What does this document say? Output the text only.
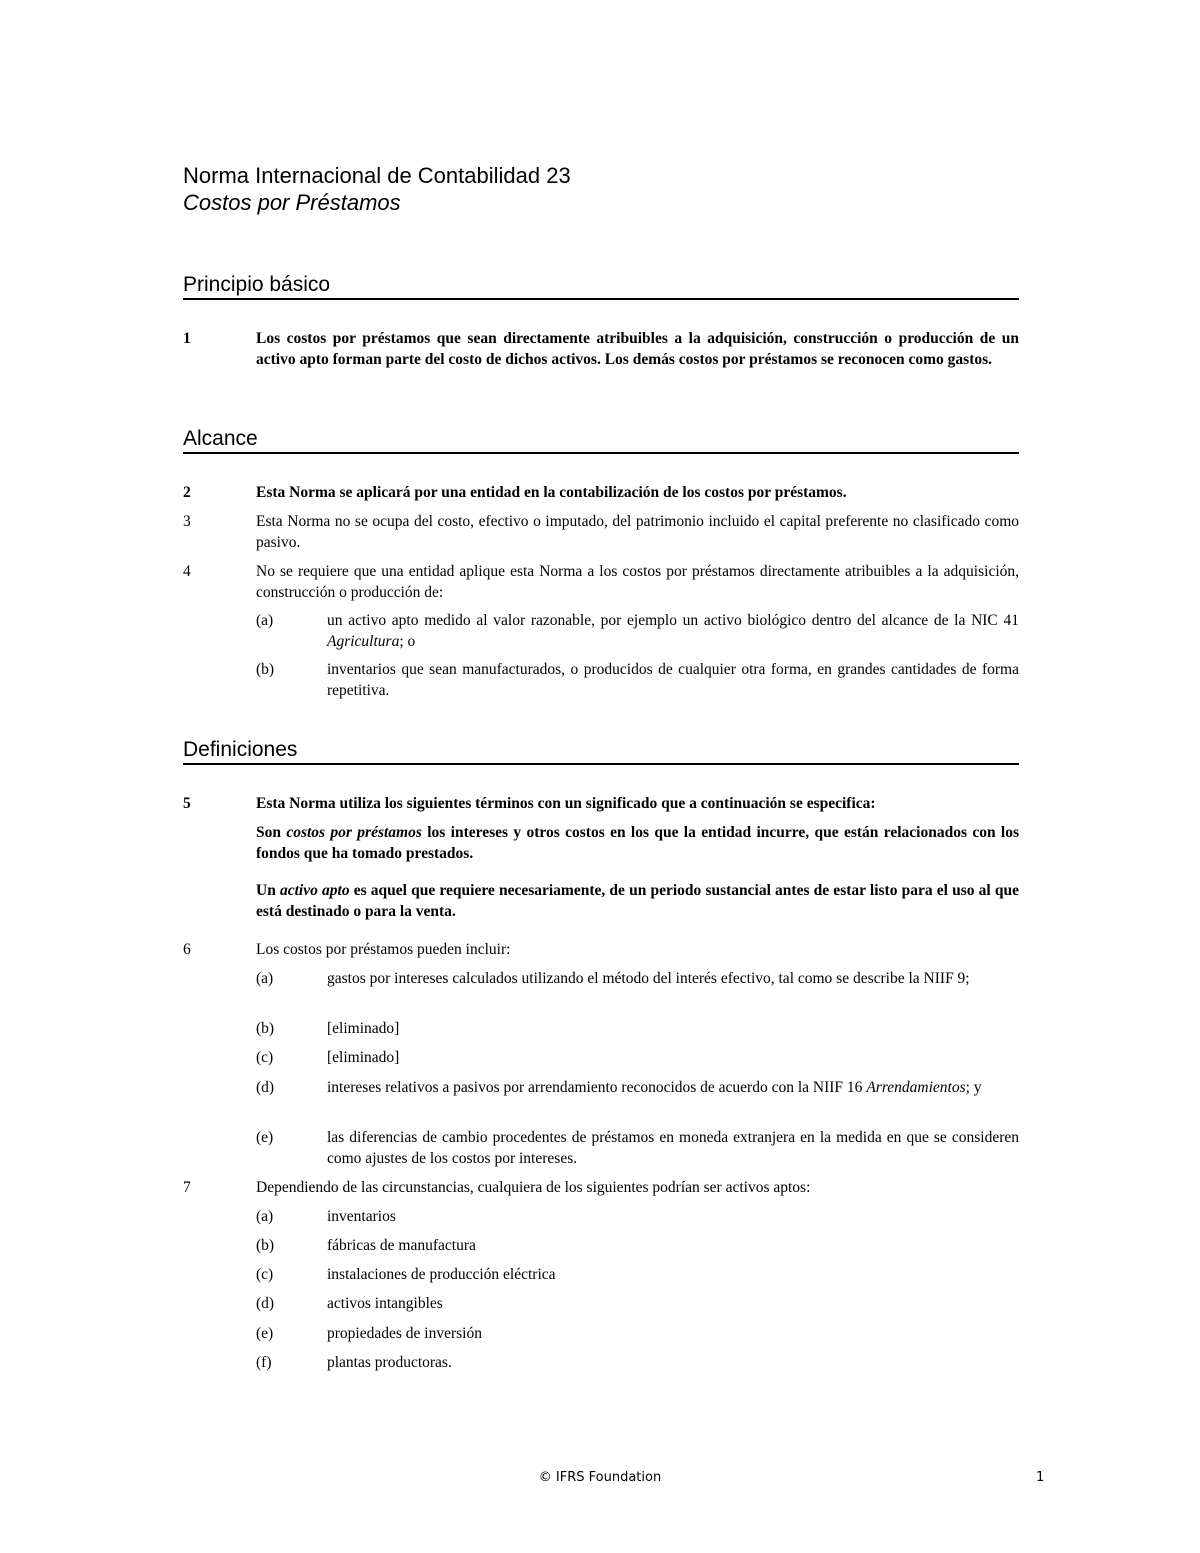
Norma Internacional de Contabilidad 23
Costos por Préstamos
Principio básico
1	Los costos por préstamos que sean directamente atribuibles a la adquisición, construcción o producción de un activo apto forman parte del costo de dichos activos. Los demás costos por préstamos se reconocen como gastos.
Alcance
2	Esta Norma se aplicará por una entidad en la contabilización de los costos por préstamos.
3	Esta Norma no se ocupa del costo, efectivo o imputado, del patrimonio incluido el capital preferente no clasificado como pasivo.
4	No se requiere que una entidad aplique esta Norma a los costos por préstamos directamente atribuibles a la adquisición, construcción o producción de:
(a)	un activo apto medido al valor razonable, por ejemplo un activo biológico dentro del alcance de la NIC 41 Agricultura; o
(b)	inventarios que sean manufacturados, o producidos de cualquier otra forma, en grandes cantidades de forma repetitiva.
Definiciones
5	Esta Norma utiliza los siguientes términos con un significado que a continuación se especifica:
Son costos por préstamos los intereses y otros costos en los que la entidad incurre, que están relacionados con los fondos que ha tomado prestados.
Un activo apto es aquel que requiere necesariamente, de un periodo sustancial antes de estar listo para el uso al que está destinado o para la venta.
6	Los costos por préstamos pueden incluir:
(a)	gastos por intereses calculados utilizando el método del interés efectivo, tal como se describe la NIIF 9;
(b)	[eliminado]
(c)	[eliminado]
(d)	intereses relativos a pasivos por arrendamiento reconocidos de acuerdo con la NIIF 16 Arrendamientos; y
(e)	las diferencias de cambio procedentes de préstamos en moneda extranjera en la medida en que se consideren como ajustes de los costos por intereses.
7	Dependiendo de las circunstancias, cualquiera de los siguientes podrían ser activos aptos:
(a)	inventarios
(b)	fábricas de manufactura
(c)	instalaciones de producción eléctrica
(d)	activos intangibles
(e)	propiedades de inversión
(f)	plantas productoras.
© IFRS Foundation	1
